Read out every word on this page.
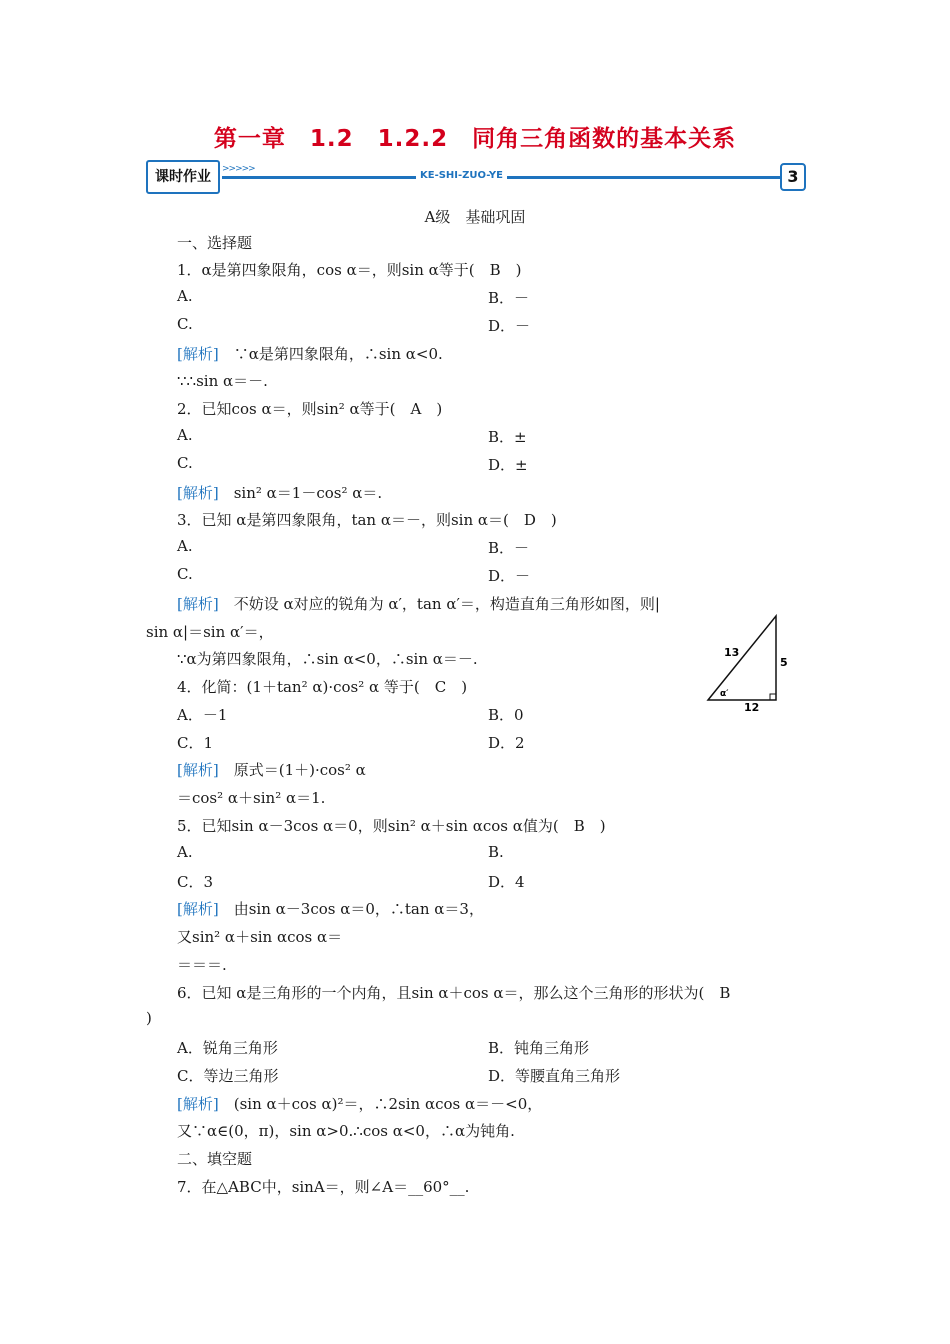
第一章　1.2　1.2.2　同角三角函数的基本关系
课时作业	>>>>>
KE-SHI-ZUO-YE	3
A级　基础巩固
一、选择题
1．α是第四象限角，cos α＝，则sin α等于(　B　)
A.	B．－
C.	D．－
[解析]　∵α是第四象限角，∴sin α<0.
∵∴sin α＝－.
2．已知cos α＝，则sin² α等于(　A　)
A.	B．±
C.	D．±
[解析]　sin² α＝1－cos² α＝.
3．已知 α是第四象限角，tan α＝－，则sin α＝(　D　)
A.	B．－
C.	D．－
[解析]　不妨设 α对应的锐角为 α′，tan α′＝，构造直角三角形如图，则|
sin α|＝sin α′＝，
∵α为第四象限角，∴sin α<0，∴sin α＝－.
4．化简：(1＋tan² α)·cos² α 等于(　C　)
A．－1	B．0
C．1	D．2
[解析]　原式＝(1＋)·cos² α
＝cos² α＋sin² α＝1.
5．已知sin α－3cos α＝0，则sin² α＋sin αcos α值为(　B　)
A.	B.
C．3	D．4
[解析]　由sin α－3cos α＝0，∴tan α＝3，
又sin² α＋sin αcos α＝
＝＝＝.
6．已知 α是三角形的一个内角，且sin α＋cos α＝，那么这个三角形的形状为(　B
)
A．锐角三角形	B．钝角三角形
C．等边三角形	D．等腰直角三角形
[解析]　(sin α＋cos α)²＝，∴2sin αcos α＝－<0，
又∵α∈(0，π)，sin α>0.∴cos α<0，∴α为钝角.
二、填空题
7．在△ABC中，sinA＝，则∠A＝__60°__.
13
5
12
α′
